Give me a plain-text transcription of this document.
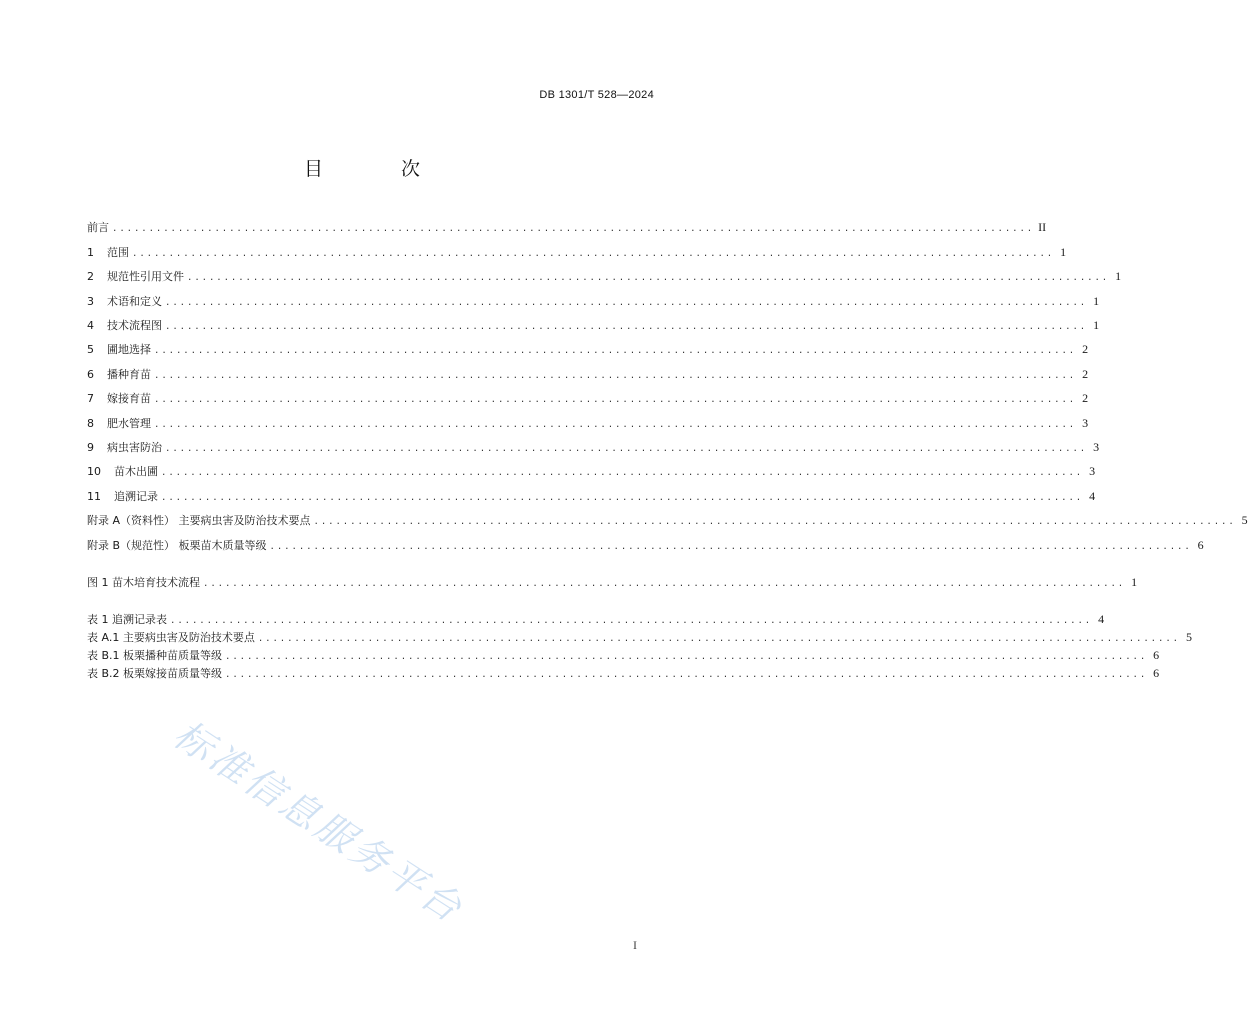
DB 1301/T 528—2024
目 次
前言 .............................................................................................................................. II
1	范围 .............................................................................................................................. 1
2	规范性引用文件 .............................................................................................................................. 1
3	术语和定义 .............................................................................................................................. 1
4	技术流程图 .............................................................................................................................. 1
5	圃地选择 .............................................................................................................................. 2
6	播种育苗 .............................................................................................................................. 2
7	嫁接育苗 .............................................................................................................................. 2
8	肥水管理 .............................................................................................................................. 3
9	病虫害防治 .............................................................................................................................. 3
10	苗木出圃 .............................................................................................................................. 3
11	追溯记录 .............................................................................................................................. 4
附录 A（资料性） 主要病虫害及防治技术要点 .............................................................................................................................. 5
附录 B（规范性） 板栗苗木质量等级 .............................................................................................................................. 6
图 1 苗木培育技术流程 .............................................................................................................................. 1
表 1 追溯记录表 .............................................................................................................................. 4
表 A.1 主要病虫害及防治技术要点 .............................................................................................................................. 5
表 B.1 板栗播种苗质量等级 .............................................................................................................................. 6
表 B.2 板栗嫁接苗质量等级 .............................................................................................................................. 6
标准信息服务平台
I
